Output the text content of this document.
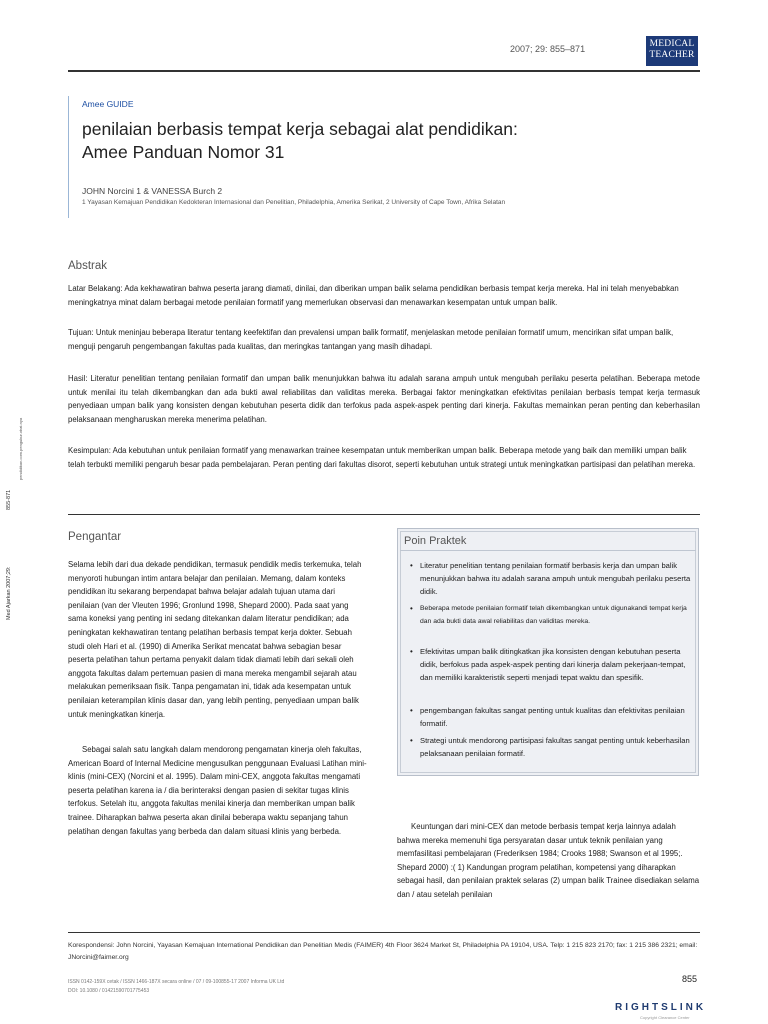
2007; 29: 855–871	MEDICAL
TEACHER
Amee GUIDE
penilaian berbasis tempat kerja sebagai alat pendidikan:
Amee Panduan Nomor 31
JOHN Norcini 1 & VANESSA Burch 2
1 Yayasan Kemajuan Pendidikan Kedokteran Internasional dan Penelitian, Philadelphia, Amerika Serikat, 2 University of Cape Town, Afrika Selatan
Abstrak
Latar Belakang: Ada kekhawatiran bahwa peserta jarang diamati, dinilai, dan diberikan umpan balik selama pendidikan berbasis tempat kerja mereka. Hal ini telah menyebabkan meningkatnya minat dalam berbagai metode penilaian formatif yang memerlukan observasi dan menawarkan kesempatan untuk umpan balik.
Tujuan: Untuk meninjau beberapa literatur tentang keefektifan dan prevalensi umpan balik formatif, menjelaskan metode penilaian formatif umum, mencirikan sifat umpan balik, menguji pengaruh pengembangan fakultas pada kualitas, dan meringkas tantangan yang masih dihadapi.
Hasil: Literatur penelitian tentang penilaian formatif dan umpan balik menunjukkan bahwa itu adalah sarana ampuh untuk mengubah perilaku peserta pelatihan. Beberapa metode untuk menilai itu telah dikembangkan dan ada bukti awal reliabilitas dan validitas mereka. Berbagai faktor meningkatkan efektivitas penilaian berbasis tempat kerja termasuk penyediaan umpan balik yang konsisten dengan kebutuhan peserta didik dan terfokus pada aspek-aspek penting dari kinerja. Fakultas memainkan peran penting dan keberhasilan pelaksanaan mengharuskan mereka menerima pelatihan.
Kesimpulan: Ada kebutuhan untuk penilaian formatif yang menawarkan trainee kesempatan untuk memberikan umpan balik. Beberapa metode yang baik dan memiliki umpan balik telah terbukti memiliki pengaruh besar pada pembelajaran. Peran penting dari fakultas disorot, seperti kebutuhan untuk strategi untuk meningkatkan partisipasi dan pelatihan mereka.
Pengantar
Selama lebih dari dua dekade pendidikan, termasuk pendidik medis terkemuka, telah menyoroti hubungan intim antara belajar dan penilaian. Memang, dalam konteks pendidikan itu sekarang berpendapat bahwa belajar adalah tujuan utama dari penilaian (van der Vleuten 1996; Gronlund 1998, Shepard 2000). Pada saat yang sama koneksi yang penting ini sedang ditekankan dalam literatur pendidikan; ada peningkatan kekhawatiran tentang pelatihan berbasis tempat kerja dokter. Sebuah studi oleh Hari et al. (1990) di Amerika Serikat mencatat bahwa sebagian besar peserta pelatihan tahun pertama penyakit dalam tidak diamati lebih dari sekali oleh anggota fakultas dalam pertemuan pasien di mana mereka mengambil sejarah atau melakukan pemeriksaan fisik. Tanpa pengamatan ini, tidak ada kesempatan untuk penilaian keterampilan klinis dasar dan, yang lebih penting, penyediaan umpan balik untuk meningkatkan kinerja.
Sebagai salah satu langkah dalam mendorong pengamatan kinerja oleh fakultas, American Board of Internal Medicine mengusulkan penggunaan Evaluasi Latihan mini-klinis (mini-CEX) (Norcini et al. 1995). Dalam mini-CEX, anggota fakultas mengamati peserta pelatihan karena ia / dia berinteraksi dengan pasien di sekitar tugas klinis terfokus. Setelah itu, anggota fakultas menilai kinerja dan memberikan umpan balik trainee. Diharapkan bahwa peserta akan dinilai beberapa waktu sepanjang tahun pelatihan dengan fakultas yang berbeda dan dalam situasi klinis yang berbeda.
Poin Praktek
• Literatur penelitian tentang penilaian formatif berbasis kerja dan umpan balik menunjukkan bahwa itu adalah sarana ampuh untuk mengubah perilaku peserta didik.
• Beberapa metode penilaian formatif telah dikembangkan untuk digunakandi tempat kerja dan ada bukti data awal reliabilitas dan validitas mereka.
• Efektivitas umpan balik ditingkatkan jika konsisten dengan kebutuhan peserta didik, berfokus pada aspek-aspek penting dari kinerja dalam pekerjaan-tempat, dan memiliki karakteristik seperti menjadi tepat waktu dan spesifik.
• pengembangan fakultas sangat penting untuk kualitas dan efektivitas penilaian formatif.
• Strategi untuk mendorong partisipasi fakultas sangat penting untuk keberhasilan pelaksanaan penilaian formatif.
Keuntungan dari mini-CEX dan metode berbasis tempat kerja lainnya adalah bahwa mereka memenuhi tiga persyaratan dasar untuk teknik penilaian yang memfasilitasi pembelajaran (Frederiksen 1984; Crooks 1988; Swanson et al 1995;. Shepard 2000) :( 1) Kandungan program pelatihan, kompetensi yang diharapkan sebagai hasil, dan penilaian praktek selaras (2) umpan balik Trainee disediakan selama dan / atau setelah penilaian
Korespondensi: John Norcini, Yayasan Kemajuan International Pendidikan dan Penelitian Medis (FAIMER) 4th Floor 3624 Market St, Philadelphia PA 19104, USA. Telp: 1 215 823 2170; fax: 1 215 386 2321; email: JNorcini@faimer.org
ISSN 0142-159X cetak / ISSN 1466-187X secara online / 07 / 09-100855-17 2007 Informa UK Ltd
DOI: 10.1080 / 01421590701775453
855
RIGHTSLINK
Copyright Clearance Center
Med Ajarkan 2007;29:
855-871
pendidikan.com.pengukur.obat.nya
